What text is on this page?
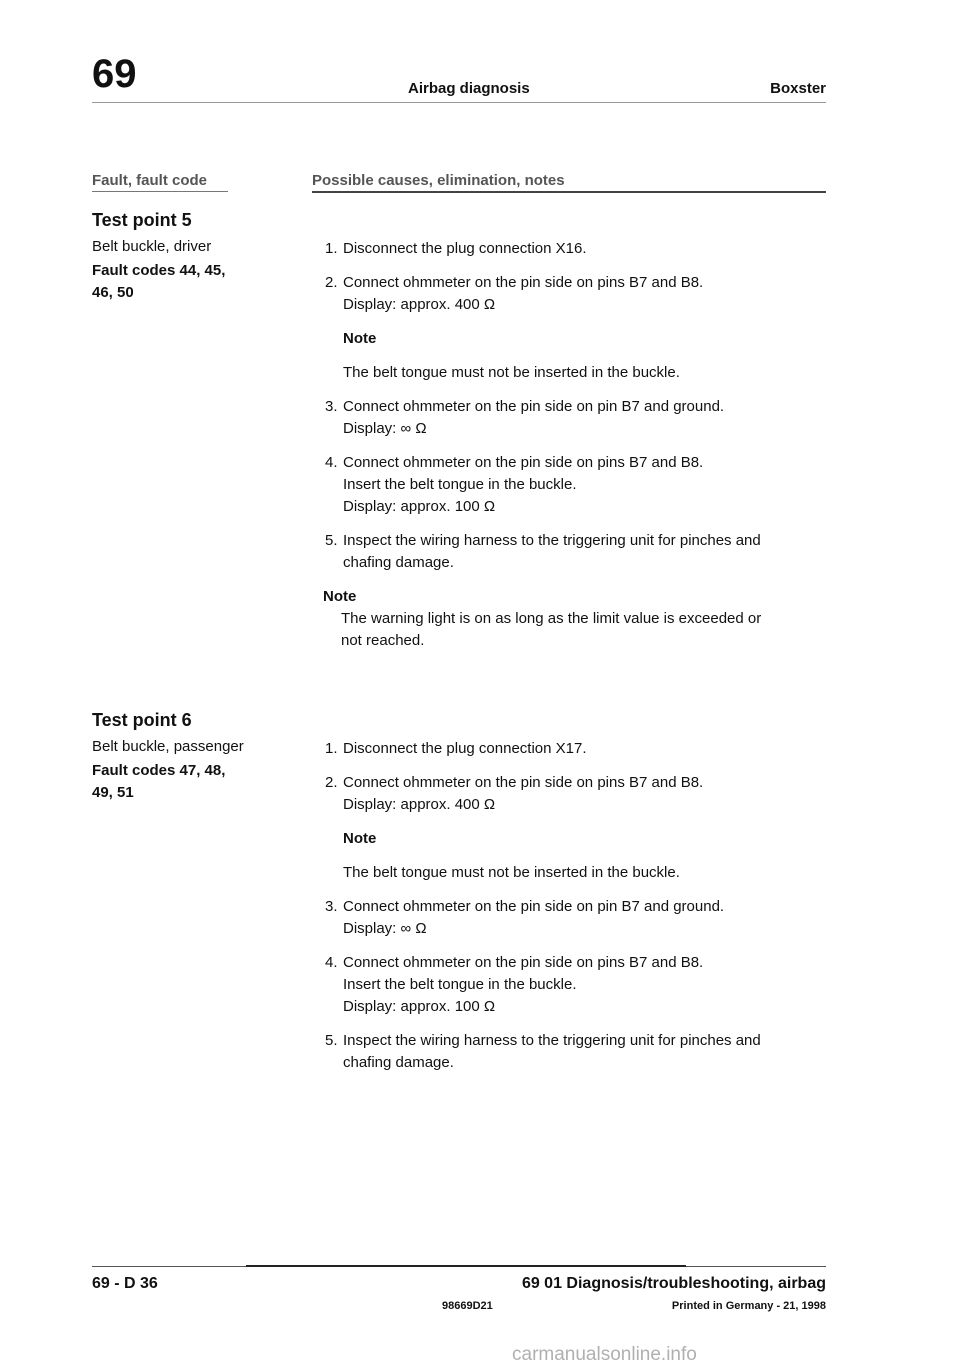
69	Airbag diagnosis	Boxster
Fault, fault code	Possible causes, elimination, notes
Test point 5
Belt buckle, driver
Fault codes 44, 45,
46, 50
1. Disconnect the plug connection X16.
2. Connect ohmmeter on the pin side on pins B7 and B8.
Display: approx. 400 Ω
Note
The belt tongue must not be inserted in the buckle.
3. Connect ohmmeter on the pin side on pin B7 and ground.
Display: ∞ Ω
4. Connect ohmmeter on the pin side on pins B7 and B8.
Insert the belt tongue in the buckle.
Display: approx. 100 Ω
5. Inspect the wiring harness to the triggering unit for pinches and
chafing damage.
Note
The warning light is on as long as the limit value is exceeded or
not reached.
Test point 6
Belt buckle, passenger
Fault codes 47, 48,
49, 51
1. Disconnect the plug connection X17.
2. Connect ohmmeter on the pin side on pins B7 and B8.
Display: approx. 400 Ω
Note
The belt tongue must not be inserted in the buckle.
3. Connect ohmmeter on the pin side on pin B7 and ground.
Display: ∞ Ω
4. Connect ohmmeter on the pin side on pins B7 and B8.
Insert the belt tongue in the buckle.
Display: approx. 100 Ω
5. Inspect the wiring harness to the triggering unit for pinches and
chafing damage.
69 - D 36	69 01 Diagnosis/troubleshooting, airbag
98669D21	Printed in Germany - 21, 1998
carmanualsonline.info
